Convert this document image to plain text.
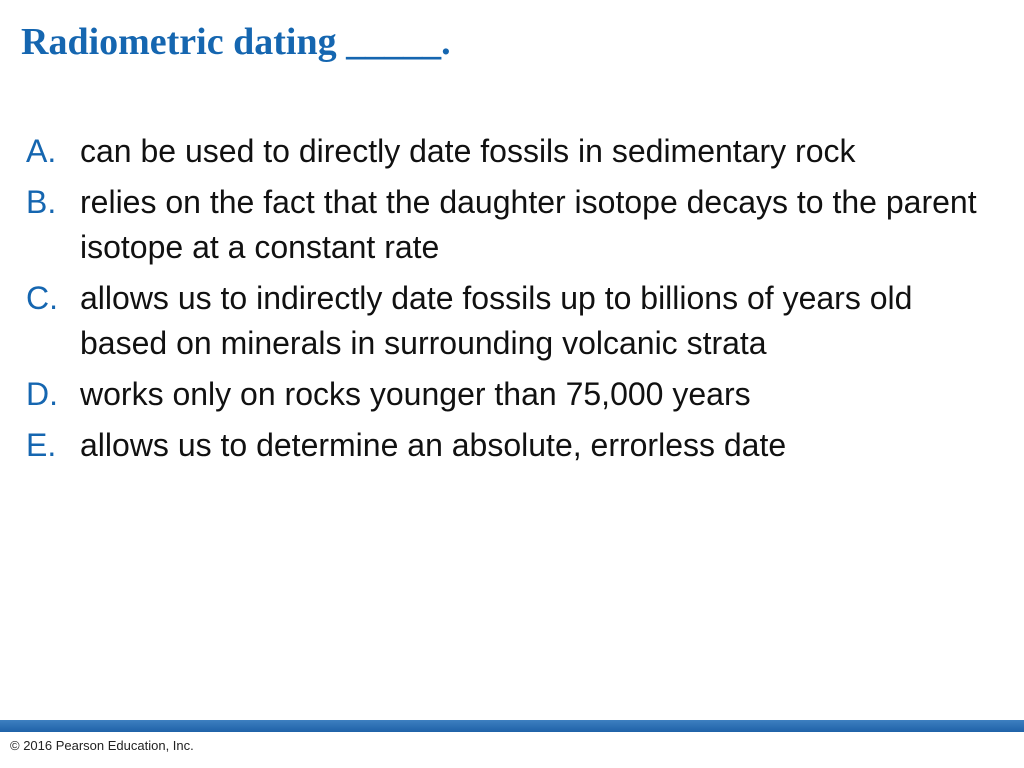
Radiometric dating _____.
A. can be used to directly date fossils in sedimentary rock
B. relies on the fact that the daughter isotope decays to the parent isotope at a constant rate
C. allows us to indirectly date fossils up to billions of years old based on minerals in surrounding volcanic strata
D. works only on rocks younger than 75,000 years
E. allows us to determine an absolute, errorless date
© 2016 Pearson Education, Inc.
